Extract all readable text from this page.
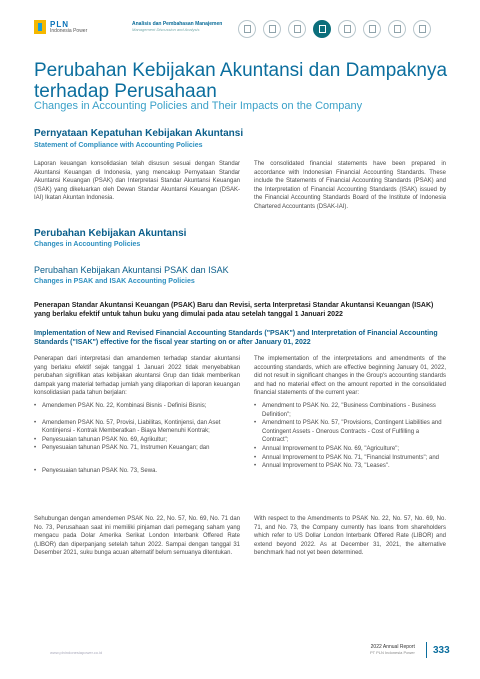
PLN
Indonesia Power
Analisis dan Pembahasan Manajemen
Management Discussion and Analysis
Perubahan Kebijakan Akuntansi dan Dampaknya terhadap Perusahaan
Changes in Accounting Policies and Their Impacts on the Company
Pernyataan Kepatuhan Kebijakan Akuntansi
Statement of Compliance with Accounting Policies

Laporan keuangan konsolidasian telah disusun sesuai dengan Standar Akuntansi Keuangan di Indonesia, yang mencakup Pernyataan Standar Akuntansi Keuangan (PSAK) dan Interpretasi Standar Akuntansi Keuangan (ISAK) yang dikeluarkan oleh Dewan Standar Akuntansi Keuangan (DSAK-IAI) Ikatan Akuntan Indonesia.

The consolidated financial statements have been prepared in accordance with Indonesian Financial Accounting Standards. These include the Statements of Financial Accounting Standards (PSAK) and the Interpretation of Financial Accounting Standards (ISAK) issued by the Financial Accounting Standards Board of the Institute of Indonesia Chartered Accountants (DSAK-IAI).

Perubahan Kebijakan Akuntansi
Changes in Accounting Policies
Perubahan Kebijakan Akuntansi PSAK dan ISAK
Changes in PSAK and ISAK Accounting Policies
Penerapan Standar Akuntansi Keuangan (PSAK) Baru dan Revisi, serta Interpretasi Standar Akuntansi Keuangan (ISAK) yang berlaku efektif untuk tahun buku yang dimulai pada atau setelah tanggal 1 Januari 2022
Implementation of New and Revised Financial Accounting Standards ("PSAK") and Interpretation of Financial Accounting Standards ("ISAK") effective for the fiscal year starting on or after January 01, 2022

Penerapan dari interpretasi dan amandemen terhadap standar akuntansi yang berlaku efektif sejak tanggal 1 Januari 2022 tidak menyebabkan perubahan signifikan atas kebijakan akuntansi Grup dan tidak memberikan dampak yang material terhadap jumlah yang dilaporkan di laporan keuangan konsolidasian pada tahun berjalan:

The implementation of the interpretations and amendments of the accounting standards, which are effective beginning January 01, 2022, did not result in significant changes in the Group's accounting standards and had no material effect on the amount reported in the consolidated financial statements of the current year:

• Amendemen PSAK No. 22, Kombinasi Bisnis - Definisi Bisnis;
• Amendemen PSAK No. 57, Provisi, Liabilitas, Kontinjensi, dan Aset Kontinjensi - Kontrak Memberatkan - Biaya Memenuhi Kontrak;
• Penyesuaian tahunan PSAK No. 69, Agrikultur;
• Penyesuaian tahunan PSAK No. 71, Instrumen Keuangan; dan
• Penyesuaian tahunan PSAK No. 73, Sewa.
• Amendment to PSAK No. 22, "Business Combinations - Business Definition";
• Amendment to PSAK No. 57, "Provisions, Contingent Liabilities and Contingent Assets - Onerous Contracts - Cost of Fulfilling a Contract";
• Annual Improvement to PSAK No. 69, "Agriculture";
• Annual Improvement to PSAK No. 71, "Financial Instruments"; and
• Annual Improvement to PSAK No. 73, "Leases".

Sehubungan dengan amendemen PSAK No. 22, No. 57, No. 69, No. 71 dan No. 73, Perusahaan saat ini memiliki pinjaman dari pemegang saham yang mengacu pada Dolar Amerika Serikat London Interbank Offered Rate (LIBOR) dan diperpanjang setelah tahun 2022. Sampai dengan tanggal 31 Desember 2021, suku bunga acuan alternatif belum semuanya ditentukan.

With respect to the Amendments to PSAK No. 22, No. 57, No. 69, No. 71, and No. 73, the Company currently has loans from shareholders which refer to US Dollar London Interbank Offered Rate (LIBOR) and extend beyond 2022. As at December 31, 2021, the alternative benchmark had not yet been determined.

www.plnindonesiapower.co.id
2022 Annual Report
PT PLN Indonesia Power 333
